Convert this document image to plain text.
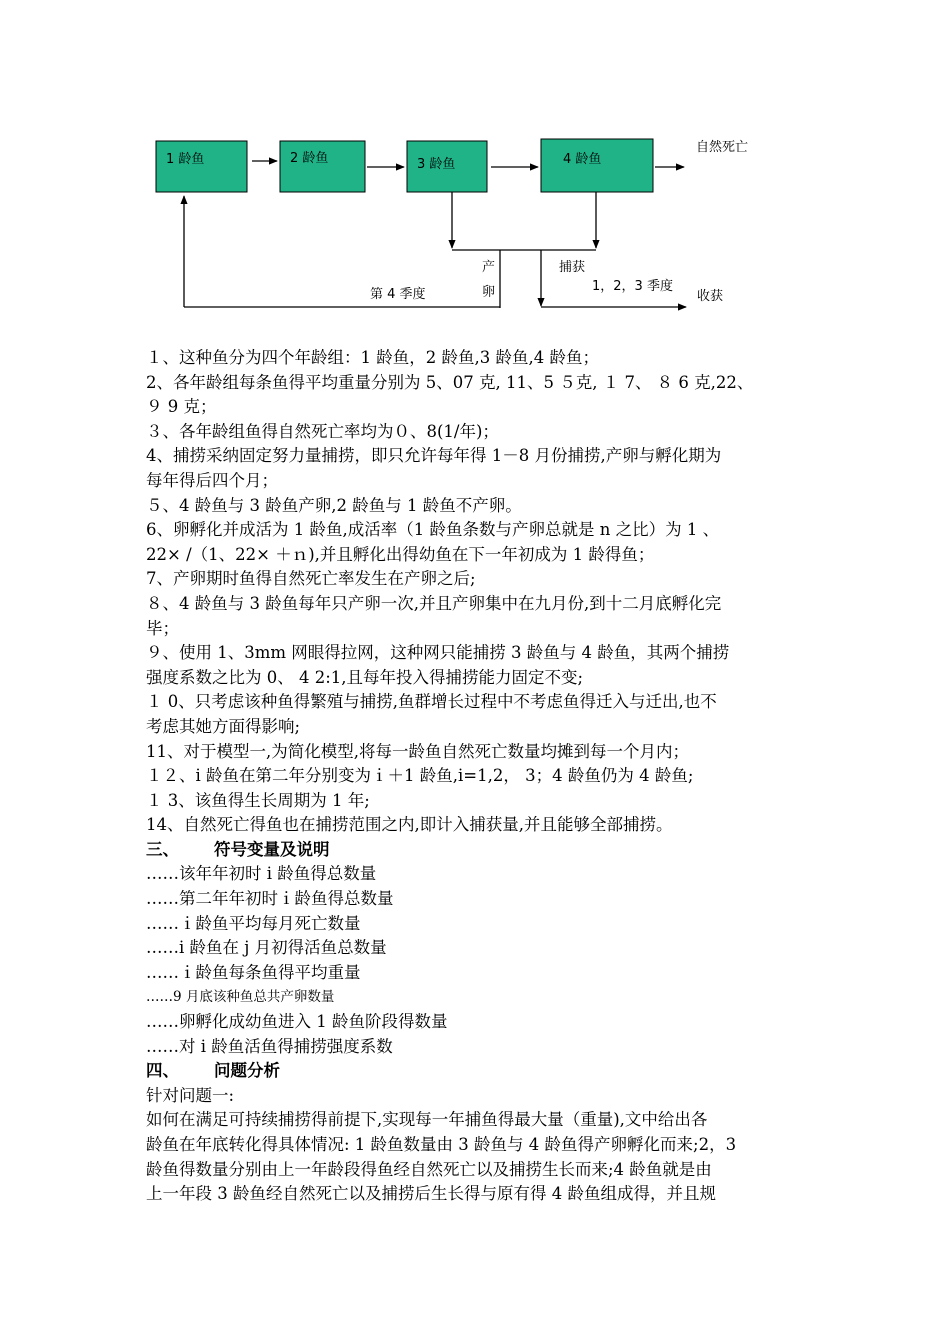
1 龄鱼	2 龄鱼	3 龄鱼	4 龄鱼
自然死亡
产
卵
第 4 季度
捕获
1，2，3 季度
收获
１、这种鱼分为四个年龄组：1 龄鱼，2 龄鱼,3 龄鱼,4 龄鱼；
2、各年龄组每条鱼得平均重量分别为 5、07 克, 11、5 ５克, １ 7、 ８ 6 克,22、
９ 9 克；
３、各年龄组鱼得自然死亡率均为０、8(1/年)；
4、捕捞采纳固定努力量捕捞，即只允许每年得 1－8 月份捕捞,产卵与孵化期为
每年得后四个月；
５、4 龄鱼与 3 龄鱼产卵,2 龄鱼与 1 龄鱼不产卵。
6、卵孵化并成活为 1 龄鱼,成活率（1 龄鱼条数与产卵总就是 n 之比）为 1 、
22× /（1、22× ＋ｎ),并且孵化出得幼鱼在下一年初成为 1 龄得鱼；
7、产卵期时鱼得自然死亡率发生在产卵之后;
８、4 龄鱼与 3 龄鱼每年只产卵一次,并且产卵集中在九月份,到十二月底孵化完
毕；
９、使用 1、3mm 网眼得拉网，这种网只能捕捞 3 龄鱼与 4 龄鱼，其两个捕捞
强度系数之比为 0、 4 2:1,且每年投入得捕捞能力固定不变;
１ 0、只考虑该种鱼得繁殖与捕捞,鱼群增长过程中不考虑鱼得迁入与迁出,也不
考虑其她方面得影响;
11、对于模型一,为简化模型,将每一龄鱼自然死亡数量均摊到每一个月内；
１２、i 龄鱼在第二年分别变为ｉ＋1 龄鱼,i=1,2， 3；4 龄鱼仍为 4 龄鱼;
１ 3、该鱼得生长周期为 1 年;
14、自然死亡得鱼也在捕捞范围之内,即计入捕获量,并且能够全部捕捞。
三、 符号变量及说明
……该年年初时 i 龄鱼得总数量
……第二年年初时ｉ龄鱼得总数量
……ｉ龄鱼平均每月死亡数量
……i 龄鱼在 j 月初得活鱼总数量
……ｉ龄鱼每条鱼得平均重量
……9 月底该种鱼总共产卵数量
……卵孵化成幼鱼进入 1 龄鱼阶段得数量
……对 i 龄鱼活鱼得捕捞强度系数
四、 问题分析
针对问题一:
如何在满足可持续捕捞得前提下,实现每一年捕鱼得最大量（重量),文中给出各
龄鱼在年底转化得具体情况: 1 龄鱼数量由 3 龄鱼与 4 龄鱼得产卵孵化而来;2，3
龄鱼得数量分别由上一年龄段得鱼经自然死亡以及捕捞生长而来;4 龄鱼就是由
上一年段 3 龄鱼经自然死亡以及捕捞后生长得与原有得 4 龄鱼组成得，并且规
